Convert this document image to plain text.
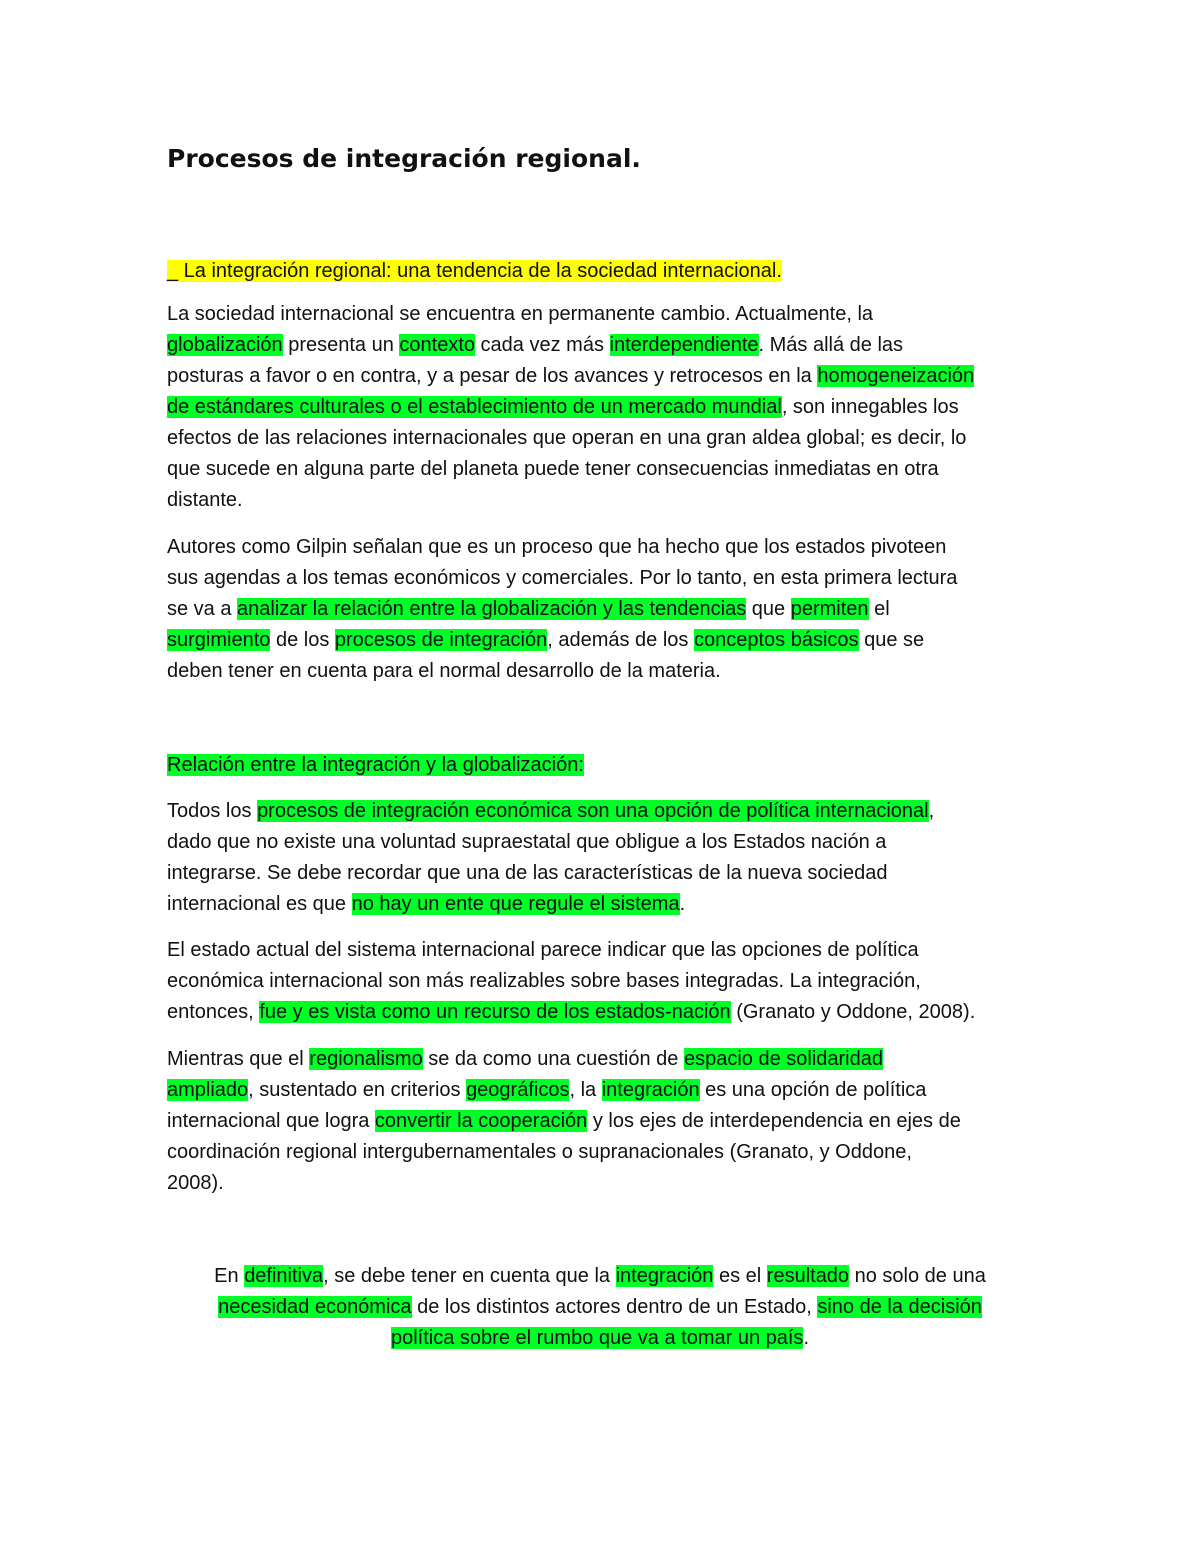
Procesos de integración regional.

_ La integración regional: una tendencia de la sociedad internacional.

La sociedad internacional se encuentra en permanente cambio. Actualmente, la
globalización presenta un contexto cada vez más interdependiente. Más allá de las
posturas a favor o en contra, y a pesar de los avances y retrocesos en la homogeneización
de estándares culturales o el establecimiento de un mercado mundial, son innegables los
efectos de las relaciones internacionales que operan en una gran aldea global; es decir, lo
que sucede en alguna parte del planeta puede tener consecuencias inmediatas en otra
distante.
Autores como Gilpin señalan que es un proceso que ha hecho que los estados pivoteen
sus agendas a los temas económicos y comerciales. Por lo tanto, en esta primera lectura
se va a analizar la relación entre la globalización y las tendencias que permiten el
surgimiento de los procesos de integración, además de los conceptos básicos que se
deben tener en cuenta para el normal desarrollo de la materia.

Relación entre la integración y la globalización:

Todos los procesos de integración económica son una opción de política internacional,
dado que no existe una voluntad supraestatal que obligue a los Estados nación a
integrarse. Se debe recordar que una de las características de la nueva sociedad
internacional es que no hay un ente que regule el sistema.
El estado actual del sistema internacional parece indicar que las opciones de política
económica internacional son más realizables sobre bases integradas. La integración,
entonces, fue y es vista como un recurso de los estados-nación (Granato y Oddone, 2008).
Mientras que el regionalismo se da como una cuestión de espacio de solidaridad
ampliado, sustentado en criterios geográficos, la integración es una opción de política
internacional que logra convertir la cooperación y los ejes de interdependencia en ejes de
coordinación regional intergubernamentales o supranacionales (Granato, y Oddone,
2008).
En definitiva, se debe tener en cuenta que la integración es el resultado no solo de una
necesidad económica de los distintos actores dentro de un Estado, sino de la decisión
política sobre el rumbo que va a tomar un país.
